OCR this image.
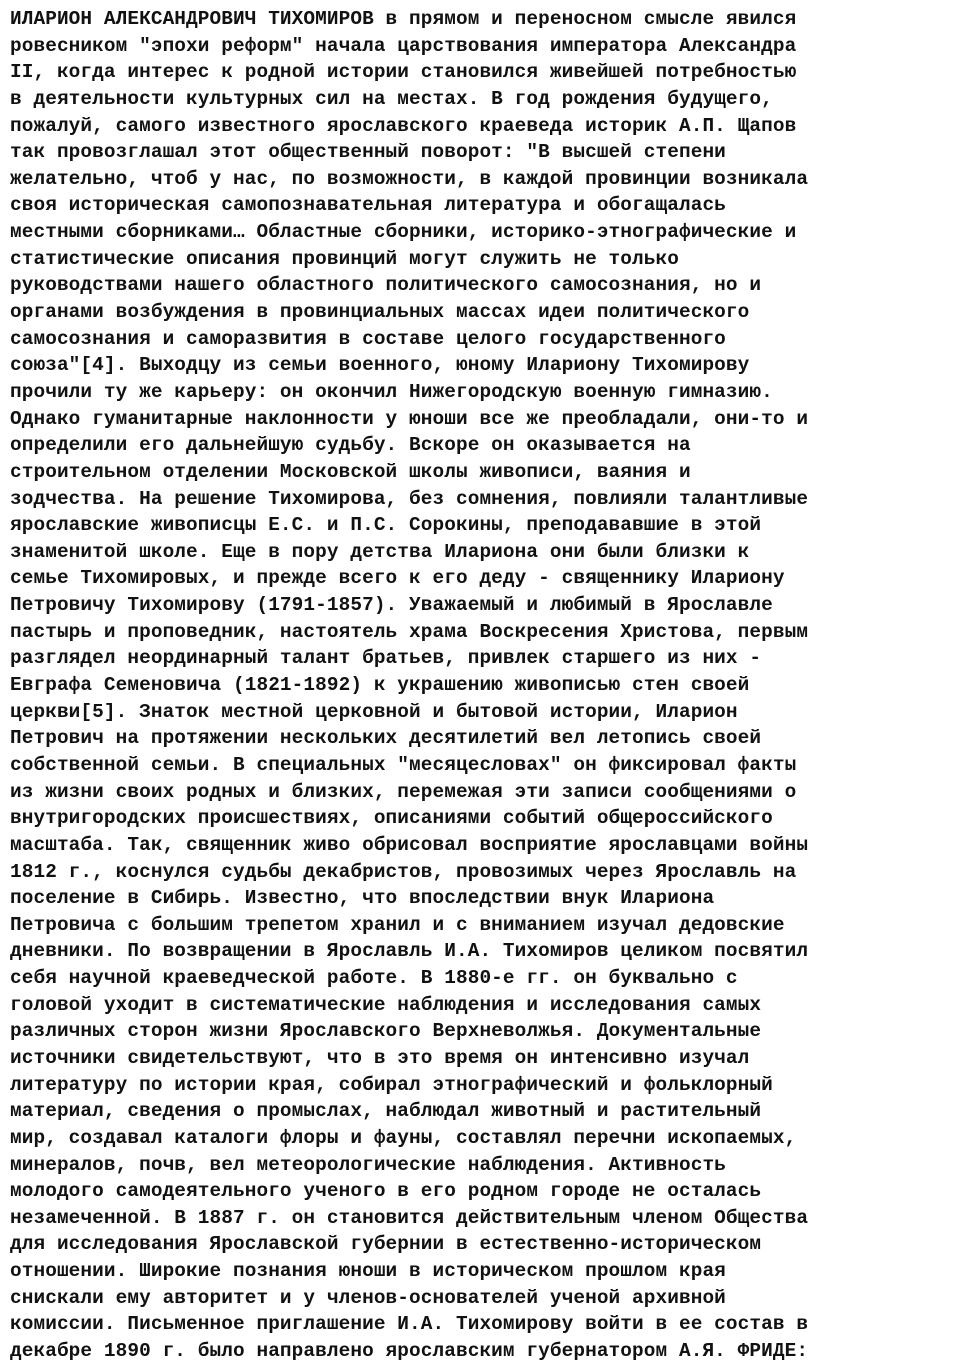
ИЛАРИОН АЛЕКСАНДРОВИЧ ТИХОМИРОВ в прямом и переносном смысле явился
ровесником "эпохи реформ" начала царствования императора Александра
II, когда интерес к родной истории становился живейшей потребностью
в деятельности культурных сил на местах. В год рождения будущего,
пожалуй, самого известного ярославского краеведа историк А.П. Щапов
так провозглашал этот общественный поворот: "В высшей степени
желательно, чтоб у нас, по возможности, в каждой провинции возникала
своя историческая самопознавательная литература и обогащалась
местными сборниками… Областные сборники, историко-этнографические и
статистические описания провинций могут служить не только
руководствами нашего областного политического самосознания, но и
органами возбуждения в провинциальных массах идеи политического
самосознания и саморазвития в составе целого государственного
союза"[4]. Выходцу из семьи военного, юному Илариону Тихомирову
прочили ту же карьеру: он окончил Нижегородскую военную гимназию.
Однако гуманитарные наклонности у юноши все же преобладали, они-то и
определили его дальнейшую судьбу. Вскоре он оказывается на
строительном отделении Московской школы живописи, ваяния и
зодчества. На решение Тихомирова, без сомнения, повлияли талантливые
ярославские живописцы Е.С. и П.С. Сорокины, преподававшие в этой
знаменитой школе. Еще в пору детства Илариона они были близки к
семье Тихомировых, и прежде всего к его деду - священнику Илариону
Петровичу Тихомирову (1791-1857). Уважаемый и любимый в Ярославле
пастырь и проповедник, настоятель храма Воскресения Христова, первым
разглядел неординарный талант братьев, привлек старшего из них -
Евграфа Семеновича (1821-1892) к украшению живописью стен своей
церкви[5]. Знаток местной церковной и бытовой истории, Иларион
Петрович на протяжении нескольких десятилетий вел летопись своей
собственной семьи. В специальных "месяцесловах" он фиксировал факты
из жизни своих родных и близких, перемежая эти записи сообщениями о
внутригородских происшествиях, описаниями событий общероссийского
масштаба. Так, священник живо обрисовал восприятие ярославцами войны
1812 г., коснулся судьбы декабристов, провозимых через Ярославль на
поселение в Сибирь. Известно, что впоследствии внук Илариона
Петровича с большим трепетом хранил и с вниманием изучал дедовские
дневники. По возвращении в Ярославль И.А. Тихомиров целиком посвятил
себя научной краеведческой работе. В 1880-е гг. он буквально с
головой уходит в систематические наблюдения и исследования самых
различных сторон жизни Ярославского Верхневолжья. Документальные
источники свидетельствуют, что в это время он интенсивно изучал
литературу по истории края, собирал этнографический и фольклорный
материал, сведения о промыслах, наблюдал животный и растительный
мир, создавал каталоги флоры и фауны, составлял перечни ископаемых,
минералов, почв, вел метеорологические наблюдения. Активность
молодого самодеятельного ученого в его родном городе не осталась
незамеченной. В 1887 г. он становится действительным членом Общества
для исследования Ярославской губернии в естественно-историческом
отношении. Широкие познания юноши в историческом прошлом края
снискали ему авторитет и у членов-основателей ученой архивной
комиссии. Письменное приглашение И.А. Тихомирову войти в ее состав в
декабре 1890 г. было направлено ярославским губернатором А.Я. ФРИДЕ:
